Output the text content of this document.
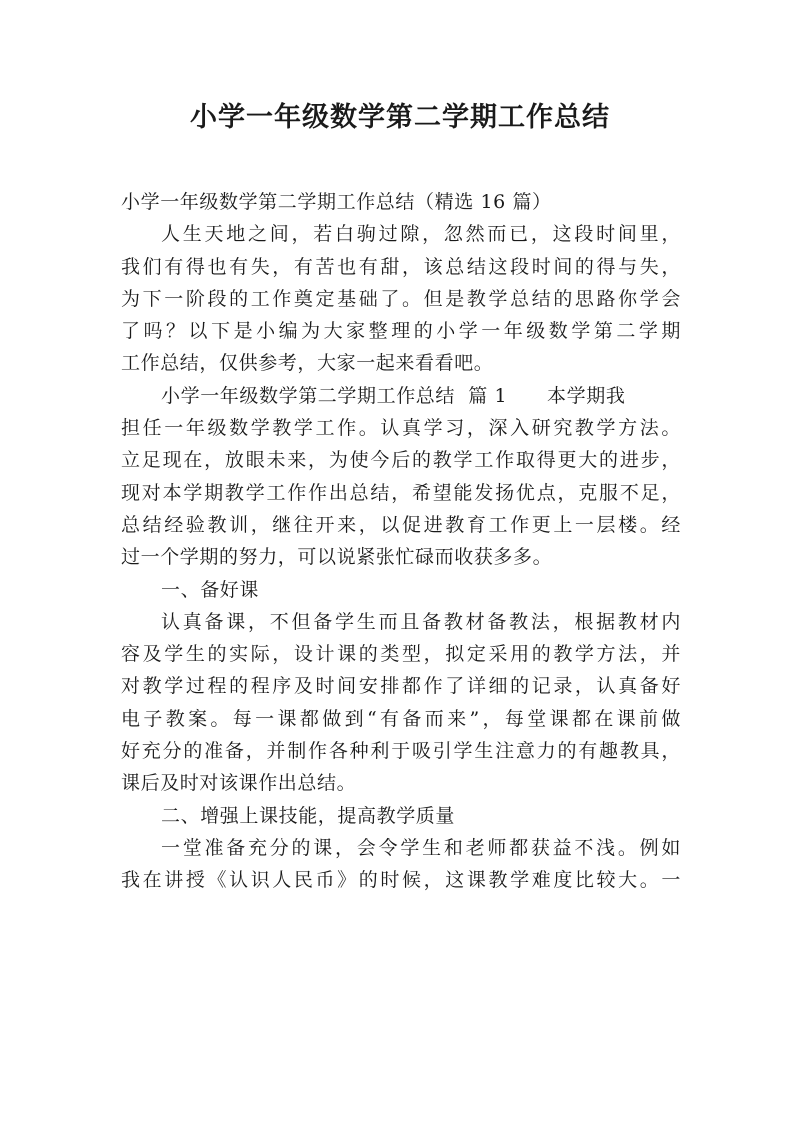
小学一年级数学第二学期工作总结
小学一年级数学第二学期工作总结（精选 16 篇）
人生天地之间，若白驹过隙，忽然而已，这段时间里，
我们有得也有失，有苦也有甜，该总结这段时间的得与失，
为下一阶段的工作奠定基础了。但是教学总结的思路你学会
了吗？以下是小编为大家整理的小学一年级数学第二学期
工作总结，仅供参考，大家一起来看看吧。
小学一年级数学第二学期工作总结  篇 1      本学期我
担任一年级数学教学工作。认真学习，深入研究教学方法。
立足现在，放眼未来，为使今后的教学工作取得更大的进步，
现对本学期教学工作作出总结，希望能发扬优点，克服不足，
总结经验教训，继往开来，以促进教育工作更上一层楼。经
过一个学期的努力，可以说紧张忙碌而收获多多。
一、备好课
认真备课，不但备学生而且备教材备教法，根据教材内
容及学生的实际，设计课的类型，拟定采用的教学方法，并
对教学过程的程序及时间安排都作了详细的记录，认真备好
电子教案。每一课都做到“有备而来”，每堂课都在课前做
好充分的准备，并制作各种利于吸引学生注意力的有趣教具，
课后及时对该课作出总结。
二、增强上课技能，提高教学质量
一堂准备充分的课，会令学生和老师都获益不浅。例如
我在讲授《认识人民币》的时候，这课教学难度比较大。一
